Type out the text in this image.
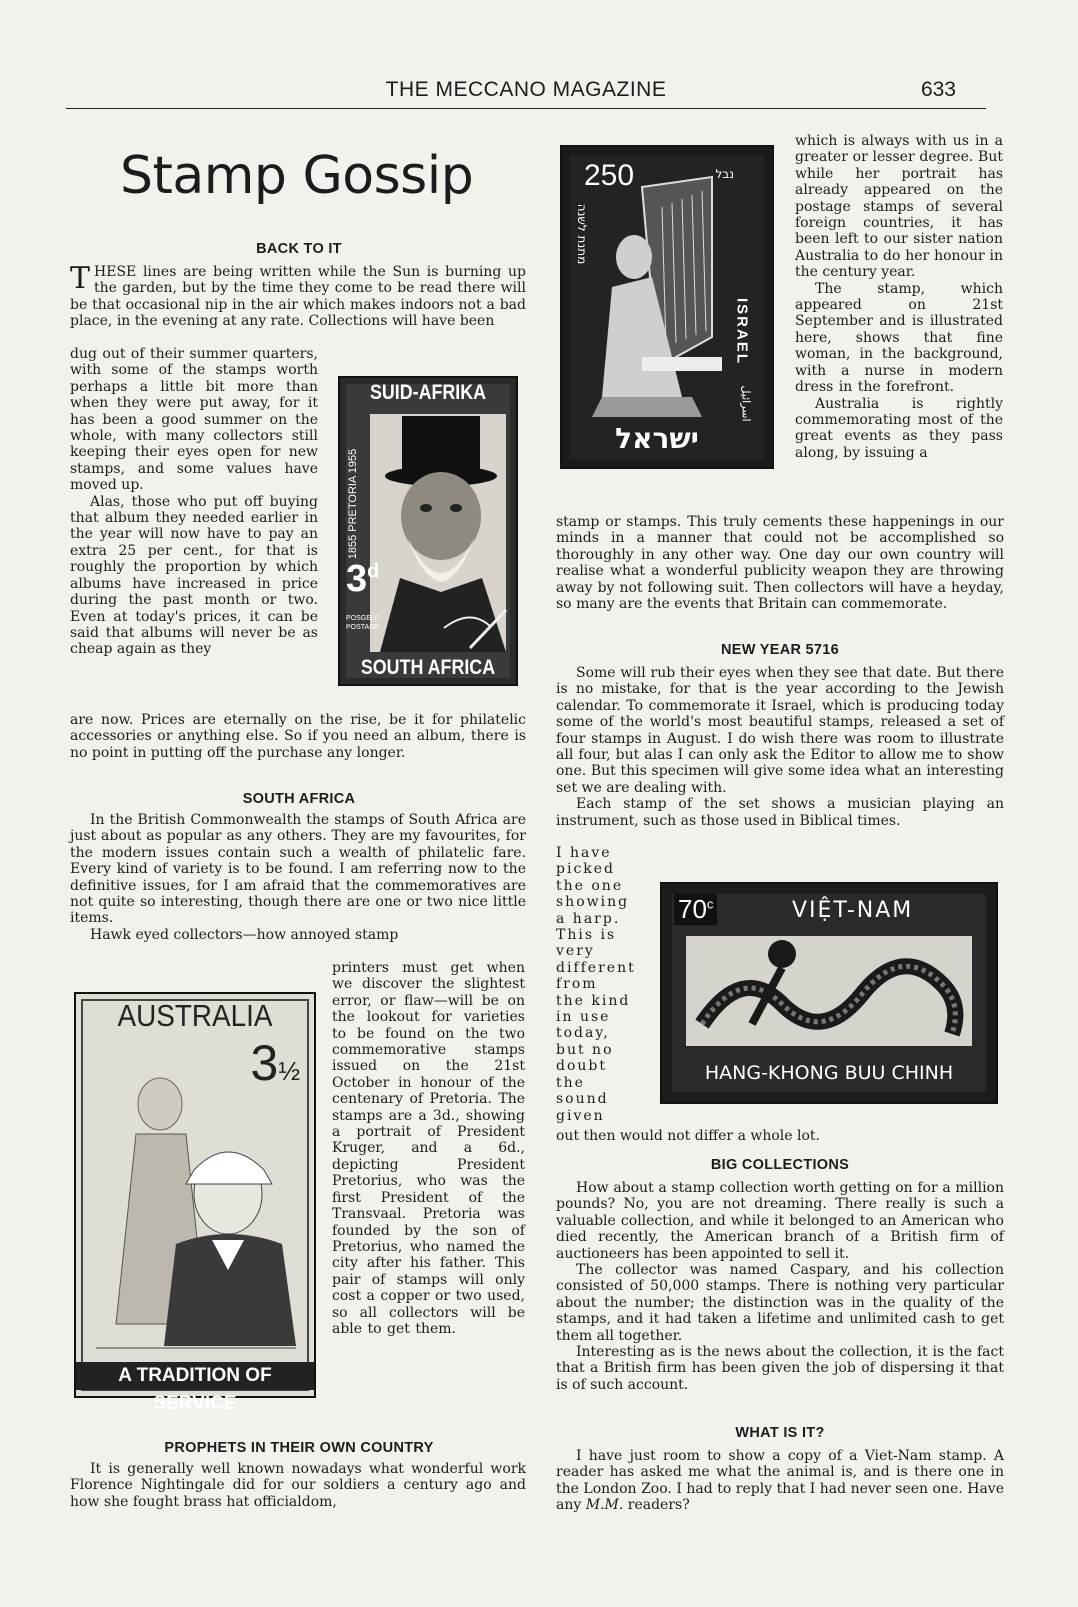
THE MECCANO MAGAZINE	633
Stamp Gossip
BACK TO IT

THESE lines are being written while the Sun is burning up the garden, but by the time they come to be read there will be that occasional nip in the air which makes indoors not a bad place, in the evening at any rate. Collections will have been

dug out of their summer quarters, with some of the stamps worth perhaps a little bit more than when they were put away, for it has been a good summer on the whole, with many collectors still keeping their eyes open for new stamps, and some values have moved up.

Alas, those who put off buying that album they needed earlier in the year will now have to pay an extra 25 per cent., for that is roughly the proportion by which albums have increased in price during the past month or two. Even at today's prices, it can be said that albums will never be as cheap again as they

SUID-AFRIKA
1855 PRETORIA 1955
3$^d$
POSGELD POSTAGE
SOUTH AFRICA

are now. Prices are eternally on the rise, be it for philatelic accessories or anything else. So if you need an album, there is no point in putting off the purchase any longer.

SOUTH AFRICA

In the British Commonwealth the stamps of South Africa are just about as popular as any others. They are my favourites, for the modern issues contain such a wealth of philatelic fare. Every kind of variety is to be found. I am referring now to the definitive issues, for I am afraid that the commemoratives are not quite so interesting, though there are one or two nice little items.

Hawk eyed collectors—how annoyed stamp

AUSTRALIA
3½
A TRADITION OF SERVICE

printers must get when we discover the slightest error, or flaw—will be on the lookout for varieties to be found on the two commemorative stamps issued on the 21st October in honour of the centenary of Pretoria. The stamps are a 3d., showing a portrait of President Kruger, and a 6d., depicting President Pretorius, who was the first President of the Transvaal. Pretoria was founded by the son of Pretorius, who named the city after his father. This pair of stamps will only cost a copper or two used, so all collectors will be able to get them.

PROPHETS IN THEIR OWN COUNTRY

It is generally well known nowadays what wonderful work Florence Nightingale did for our soldiers a century ago and how she fought brass hat officialdom,

250	נבל
מתנת לשנה
ISRAEL
اسرائيل
ישראל

which is always with us in a greater or lesser degree. But while her portrait has already appeared on the postage stamps of several foreign countries, it has been left to our sister nation Australia to do her honour in the century year.

The stamp, which appeared on 21st September and is illustrated here, shows that fine woman, in the background, with a nurse in modern dress in the forefront.

Australia is rightly commemorating most of the great events as they pass along, by issuing a

stamp or stamps. This truly cements these happenings in our minds in a manner that could not be accomplished so thoroughly in any other way. One day our own country will realise what a wonderful publicity weapon they are throwing away by not following suit. Then collectors will have a heyday, so many are the events that Britain can commemorate.

NEW YEAR 5716

Some will rub their eyes when they see that date. But there is no mistake, for that is the year according to the Jewish calendar. To commemorate it Israel, which is producing today some of the world's most beautiful stamps, released a set of four stamps in August. I do wish there was room to illustrate all four, but alas I can only ask the Editor to allow me to show one. But this specimen will give some idea what an interesting set we are dealing with.

Each stamp of the set shows a musician playing an instrument, such as those used in Biblical times.

I have picked the one showing a harp. This is very different from the kind in use today, but no doubt the sound given

70$^c$	VIỆT-NAM
HANG-KHONG BUU CHINH

out then would not differ a whole lot.

BIG COLLECTIONS

How about a stamp collection worth getting on for a million pounds? No, you are not dreaming. There really is such a valuable collection, and while it belonged to an American who died recently, the American branch of a British firm of auctioneers has been appointed to sell it.

The collector was named Caspary, and his collection consisted of 50,000 stamps. There is nothing very particular about the number; the distinction was in the quality of the stamps, and it had taken a lifetime and unlimited cash to get them all together.

Interesting as is the news about the collection, it is the fact that a British firm has been given the job of dispersing it that is of such account.

WHAT IS IT?

I have just room to show a copy of a Viet-Nam stamp. A reader has asked me what the animal is, and is there one in the London Zoo. I had to reply that I had never seen one. Have any M.M. readers?
